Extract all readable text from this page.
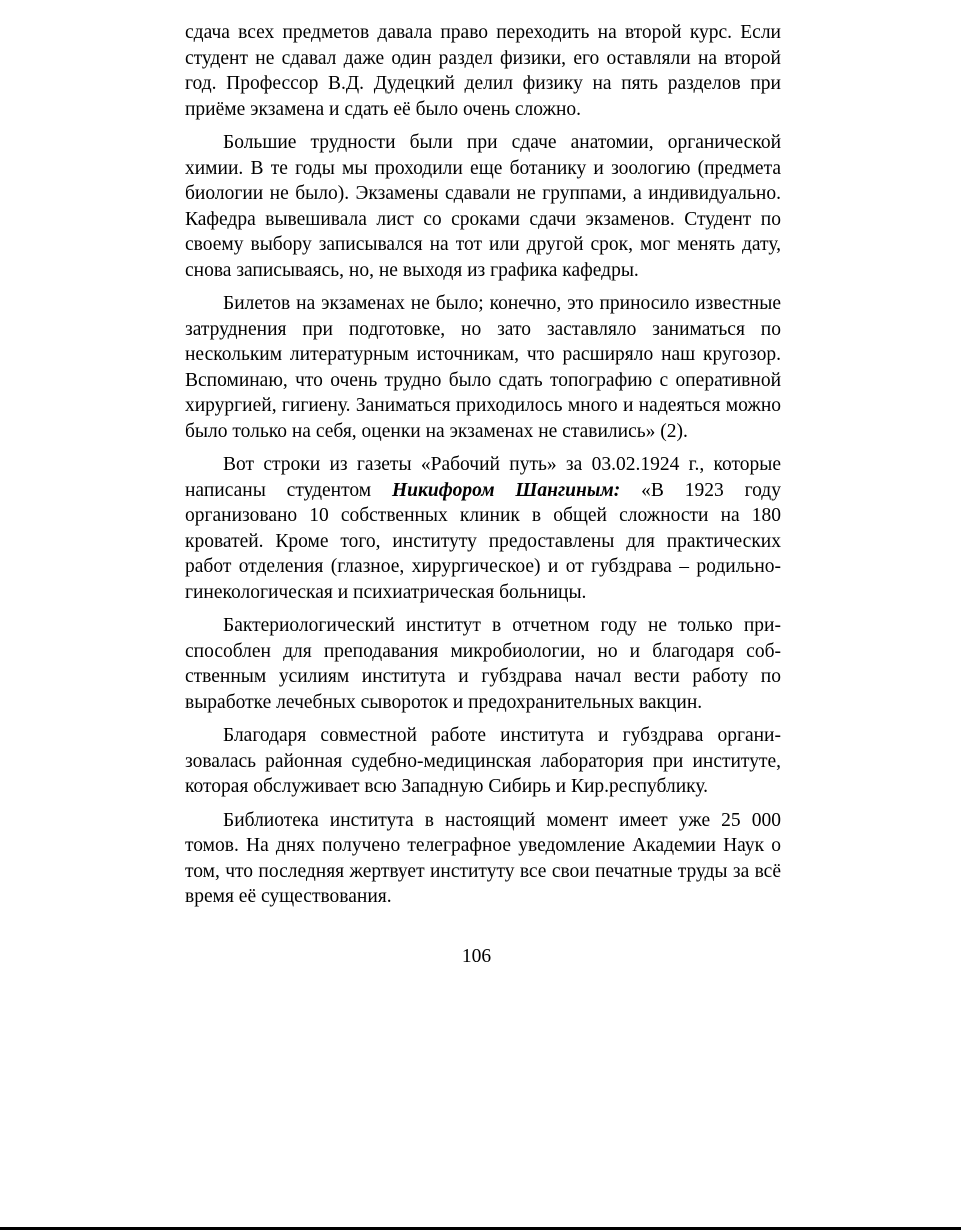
сдача всех предметов давала право переходить на второй курс. Если студент не сдавал даже один раздел физики, его оставляли на второй год. Профессор В.Д. Дудецкий делил физику на пять разделов при приёме экзамена и сдать её было очень сложно.

Большие трудности были при сдаче анатомии, органической химии. В те годы мы проходили еще ботанику и зоологию (предмета биологии не было). Экзамены сдавали не группами, а индивидуально. Кафедра вывешивала лист со сроками сдачи экзаменов. Студент по своему выбору записывался на тот или другой срок, мог менять дату, снова записываясь, но, не выходя из графика кафедры.

Билетов на экзаменах не было; конечно, это приносило известные затруднения при подготовке, но зато заставляло заниматься по нескольким литературным источникам, что расширяло наш кругозор. Вспоминаю, что очень трудно было сдать топографию с оперативной хирургией, гигиену. Заниматься приходилось много и надеяться можно было только на себя, оценки на экзаменах не ставились» (2).

Вот строки из газеты «Рабочий путь» за 03.02.1924 г., которые написаны студентом Никифором Шангиным: «В 1923 году организовано 10 собственных клиник в общей сложности на 180 кроватей. Кроме того, институту предоставлены для практических работ отделения (глазное, хирургическое) и от губздрава – родильно-гинекологическая и психиатрическая больницы.

Бактериологический институт в отчетном году не только приспособлен для преподавания микробиологии, но и благодаря собственным усилиям института и губздрава начал вести работу по выработке лечебных сывороток и предохранительных вакцин.

Благодаря совместной работе института и губздрава организовалась районная судебно-медицинская лаборатория при институте, которая обслуживает всю Западную Сибирь и Кир.республику.

Библиотека института в настоящий момент имеет уже 25 000 томов. На днях получено телеграфное уведомление Академии Наук о том, что последняя жертвует институту все свои печатные труды за всё время её существования.

106
